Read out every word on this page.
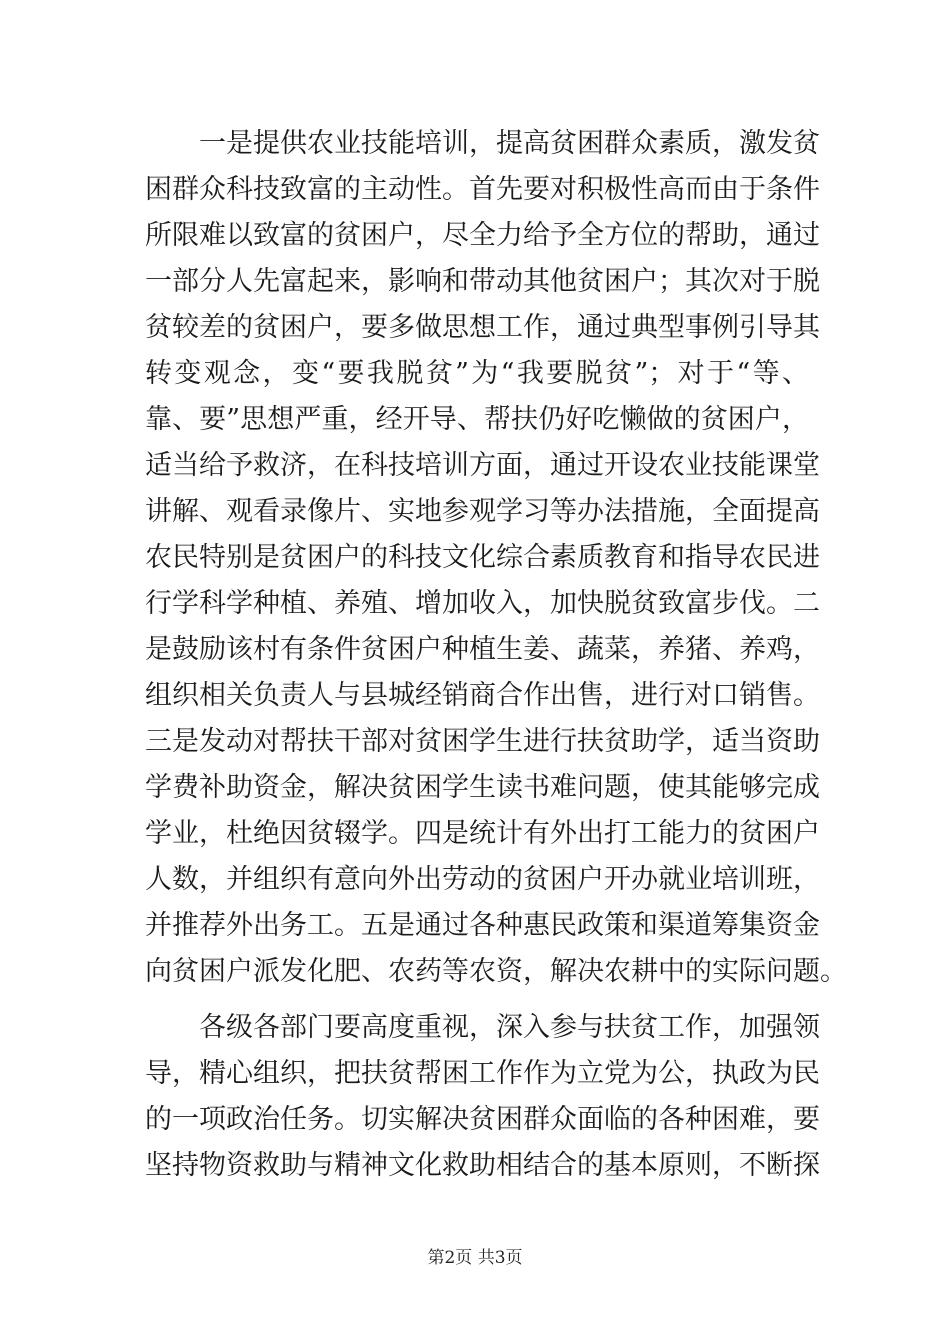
　　一是提供农业技能培训，提高贫困群众素质，激发贫
困群众科技致富的主动性。首先要对积极性高而由于条件
所限难以致富的贫困户，尽全力给予全方位的帮助，通过
一部分人先富起来，影响和带动其他贫困户；其次对于脱
贫较差的贫困户，要多做思想工作，通过典型事例引导其
转变观念，变“要我脱贫”为“我要脱贫”；对于“等、
靠、要”思想严重，经开导、帮扶仍好吃懒做的贫困户，
适当给予救济，在科技培训方面，通过开设农业技能课堂
讲解、观看录像片、实地参观学习等办法措施，全面提高
农民特别是贫困户的科技文化综合素质教育和指导农民进
行学科学种植、养殖、增加收入，加快脱贫致富步伐。二
是鼓励该村有条件贫困户种植生姜、蔬菜，养猪、养鸡，
组织相关负责人与县城经销商合作出售，进行对口销售。
三是发动对帮扶干部对贫困学生进行扶贫助学，适当资助
学费补助资金，解决贫困学生读书难问题，使其能够完成
学业，杜绝因贫辍学。四是统计有外出打工能力的贫困户
人数，并组织有意向外出劳动的贫困户开办就业培训班，
并推荐外出务工。五是通过各种惠民政策和渠道筹集资金
向贫困户派发化肥、农药等农资，解决农耕中的实际问题。
　　各级各部门要高度重视，深入参与扶贫工作，加强领
导，精心组织，把扶贫帮困工作作为立党为公，执政为民
的一项政治任务。切实解决贫困群众面临的各种困难，要
坚持物资救助与精神文化救助相结合的基本原则，不断探
第2页 共3页
